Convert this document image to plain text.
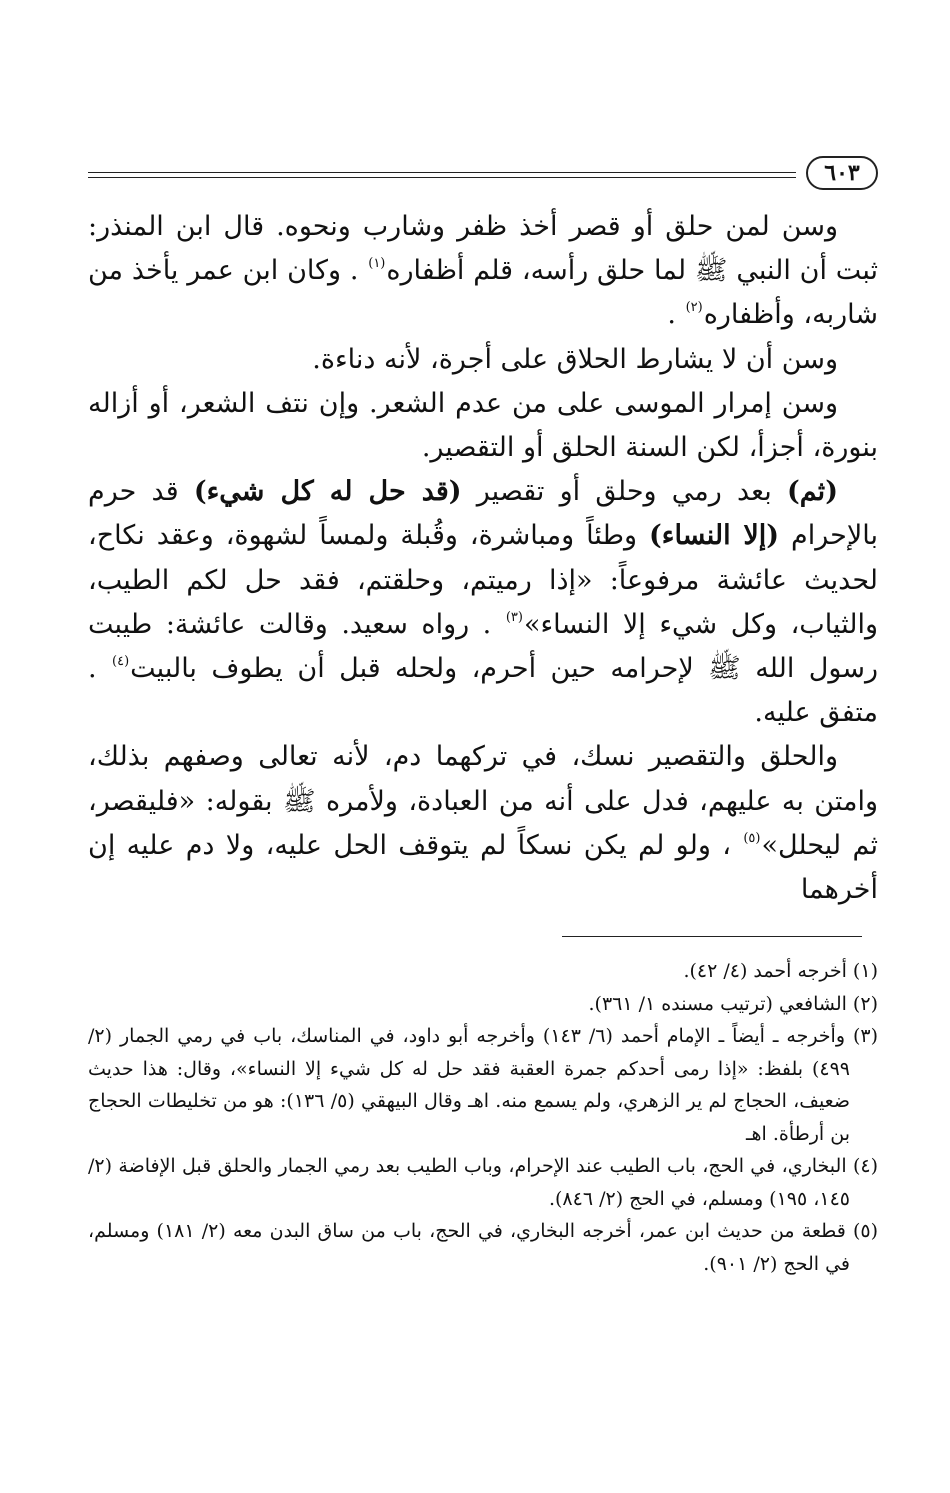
٦٠٣

وسن لمن حلق أو قصر أخذ ظفر وشارب ونحوه. قال ابن المنذر: ثبت أن النبي ﷺ لما حلق رأسه، قلم أظفاره$^{(١)}$ . وكان ابن عمر يأخذ من شاربه، وأظفاره$^{(٢)}$ .

وسن أن لا يشارط الحلاق على أجرة، لأنه دناءة.

وسن إمرار الموسى على من عدم الشعر. وإن نتف الشعر، أو أزاله بنورة، أجزأ، لكن السنة الحلق أو التقصير.

(ثم) بعد رمي وحلق أو تقصير (قد حل له كل شيء) قد حرم بالإحرام (إلا النساء) وطئاً ومباشرة، وقُبلة ولمساً لشهوة، وعقد نكاح، لحديث عائشة مرفوعاً: «إذا رميتم، وحلقتم، فقد حل لكم الطيب، والثياب، وكل شيء إلا النساء»$^{(٣)}$ . رواه سعيد. وقالت عائشة: طيبت رسول الله ﷺ لإحرامه حين أحرم، ولحله قبل أن يطوف بالبيت$^{(٤)}$ . متفق عليه.

والحلق والتقصير نسك، في تركهما دم، لأنه تعالى وصفهم بذلك، وامتن به عليهم، فدل على أنه من العبادة، ولأمره ﷺ بقوله: «فليقصر، ثم ليحلل»$^{(٥)}$ ، ولو لم يكن نسكاً لم يتوقف الحل عليه، ولا دم عليه إن أخرهما

(١) أخرجه أحمد (٤/ ٤٢).

(٢) الشافعي (ترتيب مسنده ١/ ٣٦١).

(٣) وأخرجه ـ أيضاً ـ الإمام أحمد (٦/ ١٤٣) وأخرجه أبو داود، في المناسك، باب في رمي الجمار (٢/ ٤٩٩) بلفظ: «إذا رمى أحدكم جمرة العقبة فقد حل له كل شيء إلا النساء»، وقال: هذا حديث ضعيف، الحجاج لم ير الزهري، ولم يسمع منه. اهـ وقال البيهقي (٥/ ١٣٦): هو من تخليطات الحجاج بن أرطأة. اهـ

(٤) البخاري، في الحج، باب الطيب عند الإحرام، وباب الطيب بعد رمي الجمار والحلق قبل الإفاضة (٢/ ١٤٥، ١٩٥) ومسلم، في الحج (٢/ ٨٤٦).

(٥) قطعة من حديث ابن عمر، أخرجه البخاري، في الحج، باب من ساق البدن معه (٢/ ١٨١) ومسلم، في الحج (٢/ ٩٠١).
